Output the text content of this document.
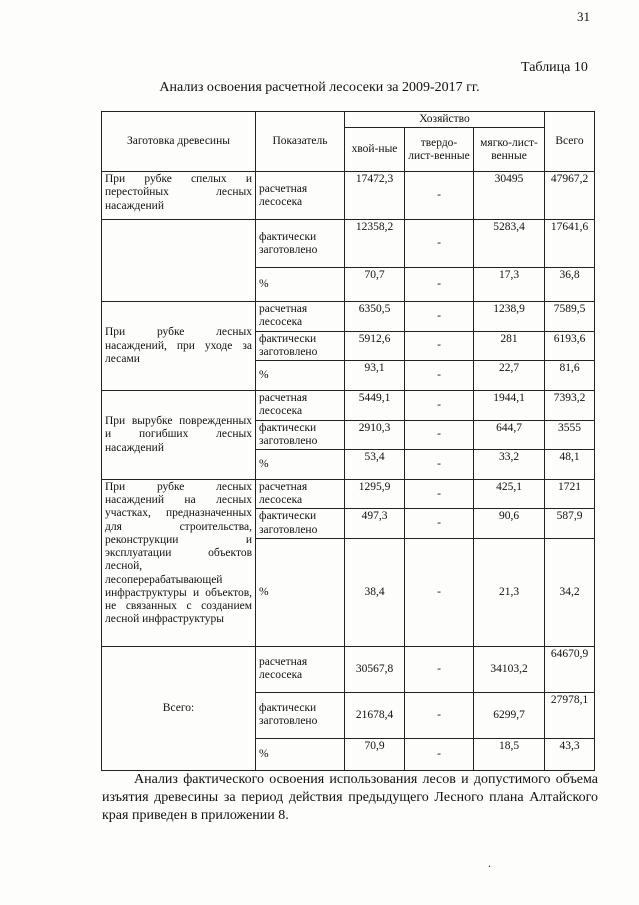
31
Таблица 10
Анализ освоения расчетной лесосеки за 2009-2017 гг.
Заготовка древесины	Показатель	Хозяйство			Всего
		хвой-ные	твердо-лист-венные	мягко-лист-венные	
При рубке спелых и перестойных лесных насаждений	расчетная лесосека	17472,3	-	30495	47967,2
	фактически заготовлено	12358,2	-	5283,4	17641,6
	%	70,7	-	17,3	36,8
При рубке лесных насаждений, при уходе за лесами	расчетная лесосека	6350,5	-	1238,9	7589,5
	фактически заготовлено	5912,6	-	281	6193,6
	%	93,1	-	22,7	81,6
При вырубке поврежденных и погибших лесных насаждений	расчетная лесосека	5449,1	-	1944,1	7393,2
	фактически заготовлено	2910,3	-	644,7	3555
	%	53,4	-	33,2	48,1
При рубке лесных насаждений на лесных участках, предназначенных для строительства, реконструкции и эксплуатации объектов лесной, лесоперерабатывающей инфраструктуры и объектов, не связанных с созданием лесной инфраструктуры	расчетная лесосека	1295,9	-	425,1	1721
	фактически заготовлено	497,3	-	90,6	587,9
	%	38,4	-	21,3	34,2
Всего:	расчетная лесосека	30567,8	-	34103,2	64670,9
	фактически заготовлено	21678,4	-	6299,7	27978,1
	%	70,9	-	18,5	43,3

Анализ фактического освоения использования лесов и допустимого объема изъятия древесины за период действия предыдущего Лесного плана Алтайского края приведен в приложении 8.

.
